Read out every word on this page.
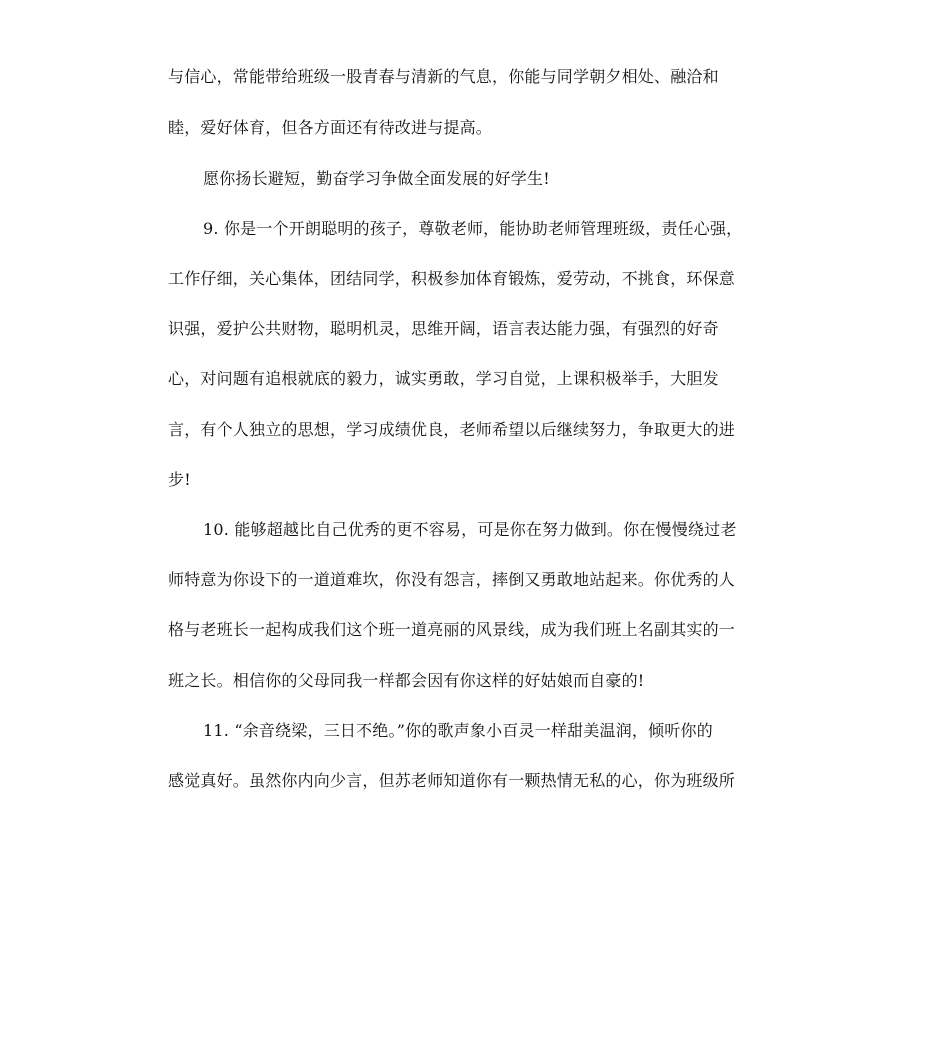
与信心，常能带给班级一股青春与清新的气息，你能与同学朝夕相处、融洽和
睦，爱好体育，但各方面还有待改进与提高。
愿你扬长避短，勤奋学习争做全面发展的好学生!
9. 你是一个开朗聪明的孩子，尊敬老师，能协助老师管理班级，责任心强，
工作仔细，关心集体，团结同学，积极参加体育锻炼，爱劳动，不挑食，环保意
识强，爱护公共财物，聪明机灵，思维开阔，语言表达能力强，有强烈的好奇
心，对问题有追根就底的毅力，诚实勇敢，学习自觉，上课积极举手，大胆发
言，有个人独立的思想，学习成绩优良，老师希望以后继续努力，争取更大的进
步!
10. 能够超越比自己优秀的更不容易，可是你在努力做到。你在慢慢绕过老
师特意为你设下的一道道难坎，你没有怨言，摔倒又勇敢地站起来。你优秀的人
格与老班长一起构成我们这个班一道亮丽的风景线，成为我们班上名副其实的一
班之长。相信你的父母同我一样都会因有你这样的好姑娘而自豪的!
11. “余音绕梁，三日不绝。”你的歌声象小百灵一样甜美温润，倾听你的
感觉真好。虽然你内向少言，但苏老师知道你有一颗热情无私的心，你为班级所
